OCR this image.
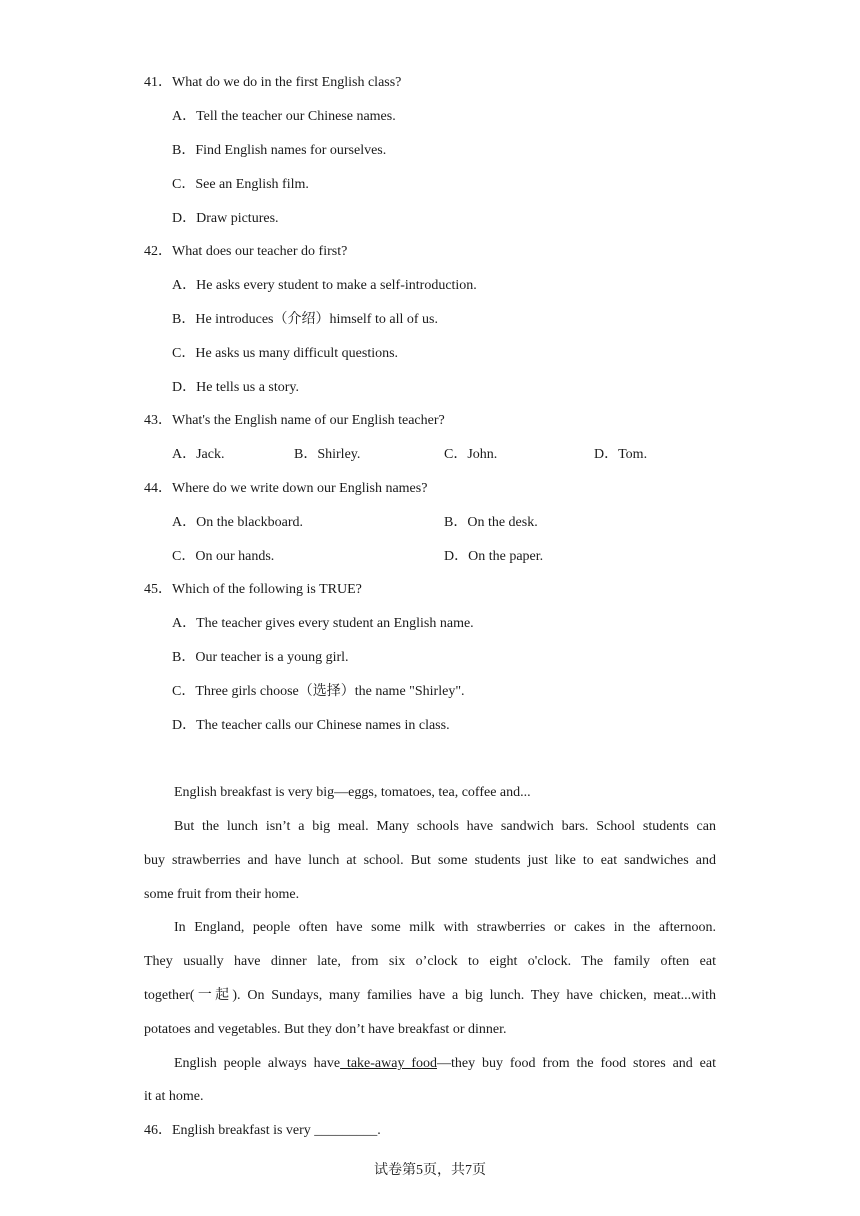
41．What do we do in the first English class?
A．Tell the teacher our Chinese names.
B．Find English names for ourselves.
C．See an English film.
D．Draw pictures.
42．What does our teacher do first?
A．He asks every student to make a self-introduction.
B．He introduces（介绍）himself to all of us.
C．He asks us many difficult questions.
D．He tells us a story.
43．What's the English name of our English teacher?
A．Jack.	B．Shirley.	C．John.	D．Tom.
44．Where do we write down our English names?
A．On the blackboard.	B．On the desk.
C．On our hands.	D．On the paper.
45．Which of the following is TRUE?
A．The teacher gives every student an English name.
B．Our teacher is a young girl.
C．Three girls choose（选择）the name "Shirley".
D．The teacher calls our Chinese names in class.
English breakfast is very big—eggs, tomatoes, tea, coffee and...
But the lunch isn’t a big meal. Many schools have sandwich bars. School students can
buy strawberries and have lunch at school. But some students just like to eat sandwiches and
some fruit from their home.
In England, people often have some milk with strawberries or cakes in the afternoon.
They usually have dinner late, from six o’clock to eight o'clock. The family often eat
together(一起). On Sundays, many families have a big lunch. They have chicken, meat...with
potatoes and vegetables. But they don’t have breakfast or dinner.
English people always have take-away food—they buy food from the food stores and eat
it at home.
46．English breakfast is very _________.
试卷第5页，共7页
